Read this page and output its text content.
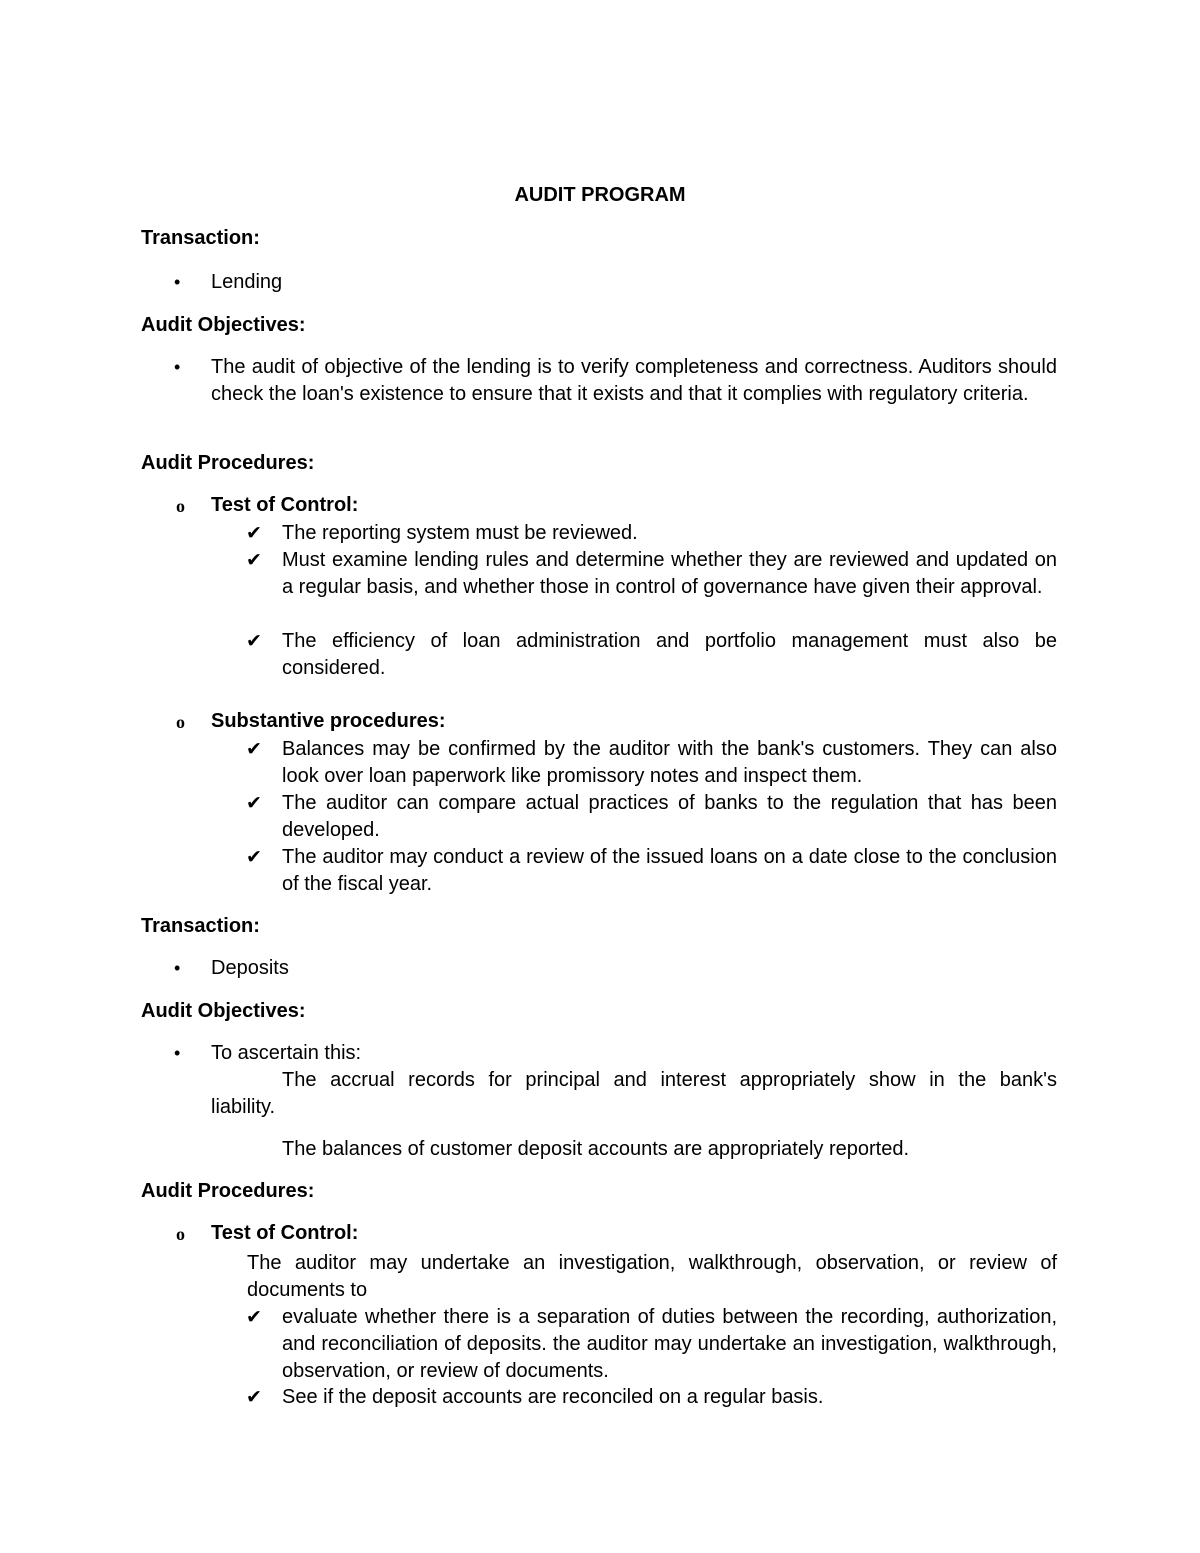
AUDIT PROGRAM

Transaction:

• Lending

Audit Objectives:

• The audit of objective of the lending is to verify completeness and correctness. Auditors should check the loan's existence to ensure that it exists and that it complies with regulatory criteria.

Audit Procedures:

o Test of Control:

✔ The reporting system must be reviewed.

✔ Must examine lending rules and determine whether they are reviewed and updated on a regular basis, and whether those in control of governance have given their approval.

✔ The efficiency of loan administration and portfolio management must also be considered.

o Substantive procedures:

✔ Balances may be confirmed by the auditor with the bank's customers. They can also look over loan paperwork like promissory notes and inspect them.

✔ The auditor can compare actual practices of banks to the regulation that has been developed.

✔ The auditor may conduct a review of the issued loans on a date close to the conclusion of the fiscal year.

Transaction:

• Deposits

Audit Objectives:

• To ascertain this:

The accrual records for principal and interest appropriately show in the bank's

liability.

The balances of customer deposit accounts are appropriately reported.

Audit Procedures:

o Test of Control:

The auditor may undertake an investigation, walkthrough, observation, or review of documents to

✔ evaluate whether there is a separation of duties between the recording, authorization, and reconciliation of deposits. the auditor may undertake an investigation, walkthrough, observation, or review of documents.

✔ See if the deposit accounts are reconciled on a regular basis.
